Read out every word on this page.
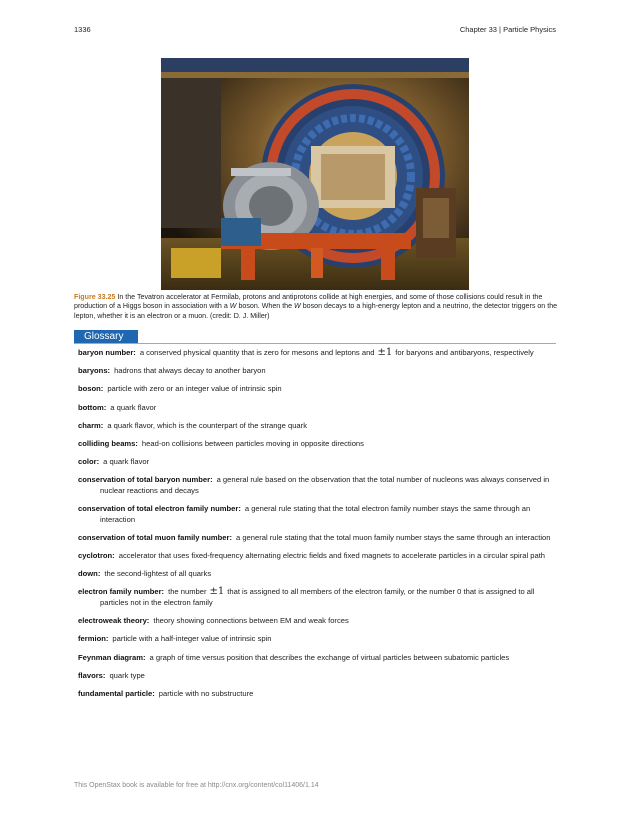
1336	Chapter 33 | Particle Physics
Figure 33.25 In the Tevatron accelerator at Fermilab, protons and antiprotons collide at high energies, and some of those collisions could result in the production of a Higgs boson in association with a W boson. When the W boson decays to a high-energy lepton and a neutrino, the detector triggers on the lepton, whether it is an electron or a muon. (credit: D. J. Miller)
Glossary

baryon number: a conserved physical quantity that is zero for mesons and leptons and ±1 for baryons and antibaryons, respectively

baryons: hadrons that always decay to another baryon

boson: particle with zero or an integer value of intrinsic spin

bottom: a quark flavor

charm: a quark flavor, which is the counterpart of the strange quark

colliding beams: head-on collisions between particles moving in opposite directions

color: a quark flavor

conservation of total baryon number: a general rule based on the observation that the total number of nucleons was always conserved in nuclear reactions and decays

conservation of total electron family number: a general rule stating that the total electron family number stays the same through an interaction

conservation of total muon family number: a general rule stating that the total muon family number stays the same through an interaction

cyclotron: accelerator that uses fixed-frequency alternating electric fields and fixed magnets to accelerate particles in a circular spiral path

down: the second-lightest of all quarks

electron family number: the number ±1 that is assigned to all members of the electron family, or the number 0 that is assigned to all particles not in the electron family

electroweak theory: theory showing connections between EM and weak forces

fermion: particle with a half-integer value of intrinsic spin

Feynman diagram: a graph of time versus position that describes the exchange of virtual particles between subatomic particles

flavors: quark type

fundamental particle: particle with no substructure

This OpenStax book is available for free at http://cnx.org/content/col11406/1.14
